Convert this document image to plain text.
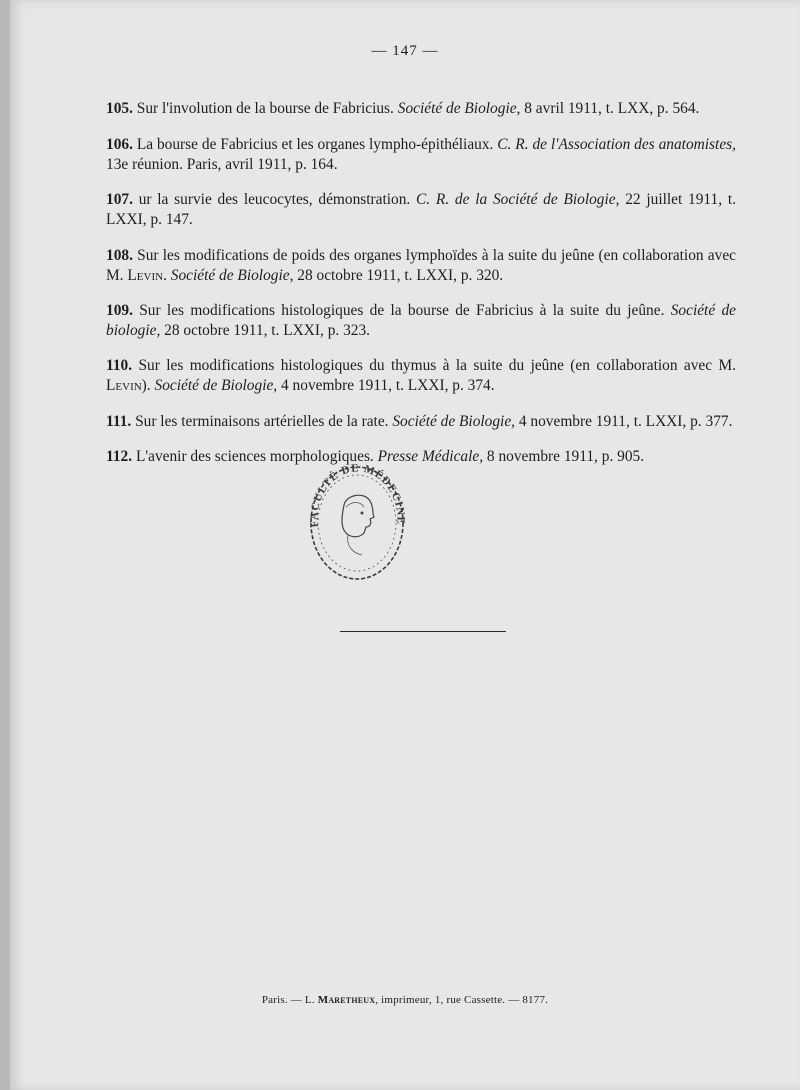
— 147 —

105. Sur l'involution de la bourse de Fabricius. Société de Biologie, 8 avril 1911, t. LXX, p. 564.

106. La bourse de Fabricius et les organes lympho-épithéliaux. C. R. de l'Association des anatomistes, 13e réunion. Paris, avril 1911, p. 164.

107. ur la survie des leucocytes, démonstration. C. R. de la Société de Biologie, 22 juillet 1911, t. LXXI, p. 147.

108. Sur les modifications de poids des organes lymphoïdes à la suite du jeûne (en collaboration avec M. Levin. Société de Biologie, 28 octobre 1911, t. LXXI, p. 320.

109. Sur les modifications histologiques de la bourse de Fabricius à la suite du jeûne. Société de biologie, 28 octobre 1911, t. LXXI, p. 323.

110. Sur les modifications histologiques du thymus à la suite du jeûne (en collaboration avec M. Levin). Société de Biologie, 4 novembre 1911, t. LXXI, p. 374.

111. Sur les terminaisons artérielles de la rate. Société de Biologie, 4 novembre 1911, t. LXXI, p. 377.

112. L'avenir des sciences morphologiques. Presse Médicale, 8 novembre 1911, p. 905.

FACULTÉ DE MÉDECINE
Paris. — L. Maretheux, imprimeur, 1, rue Cassette. — 8177.
